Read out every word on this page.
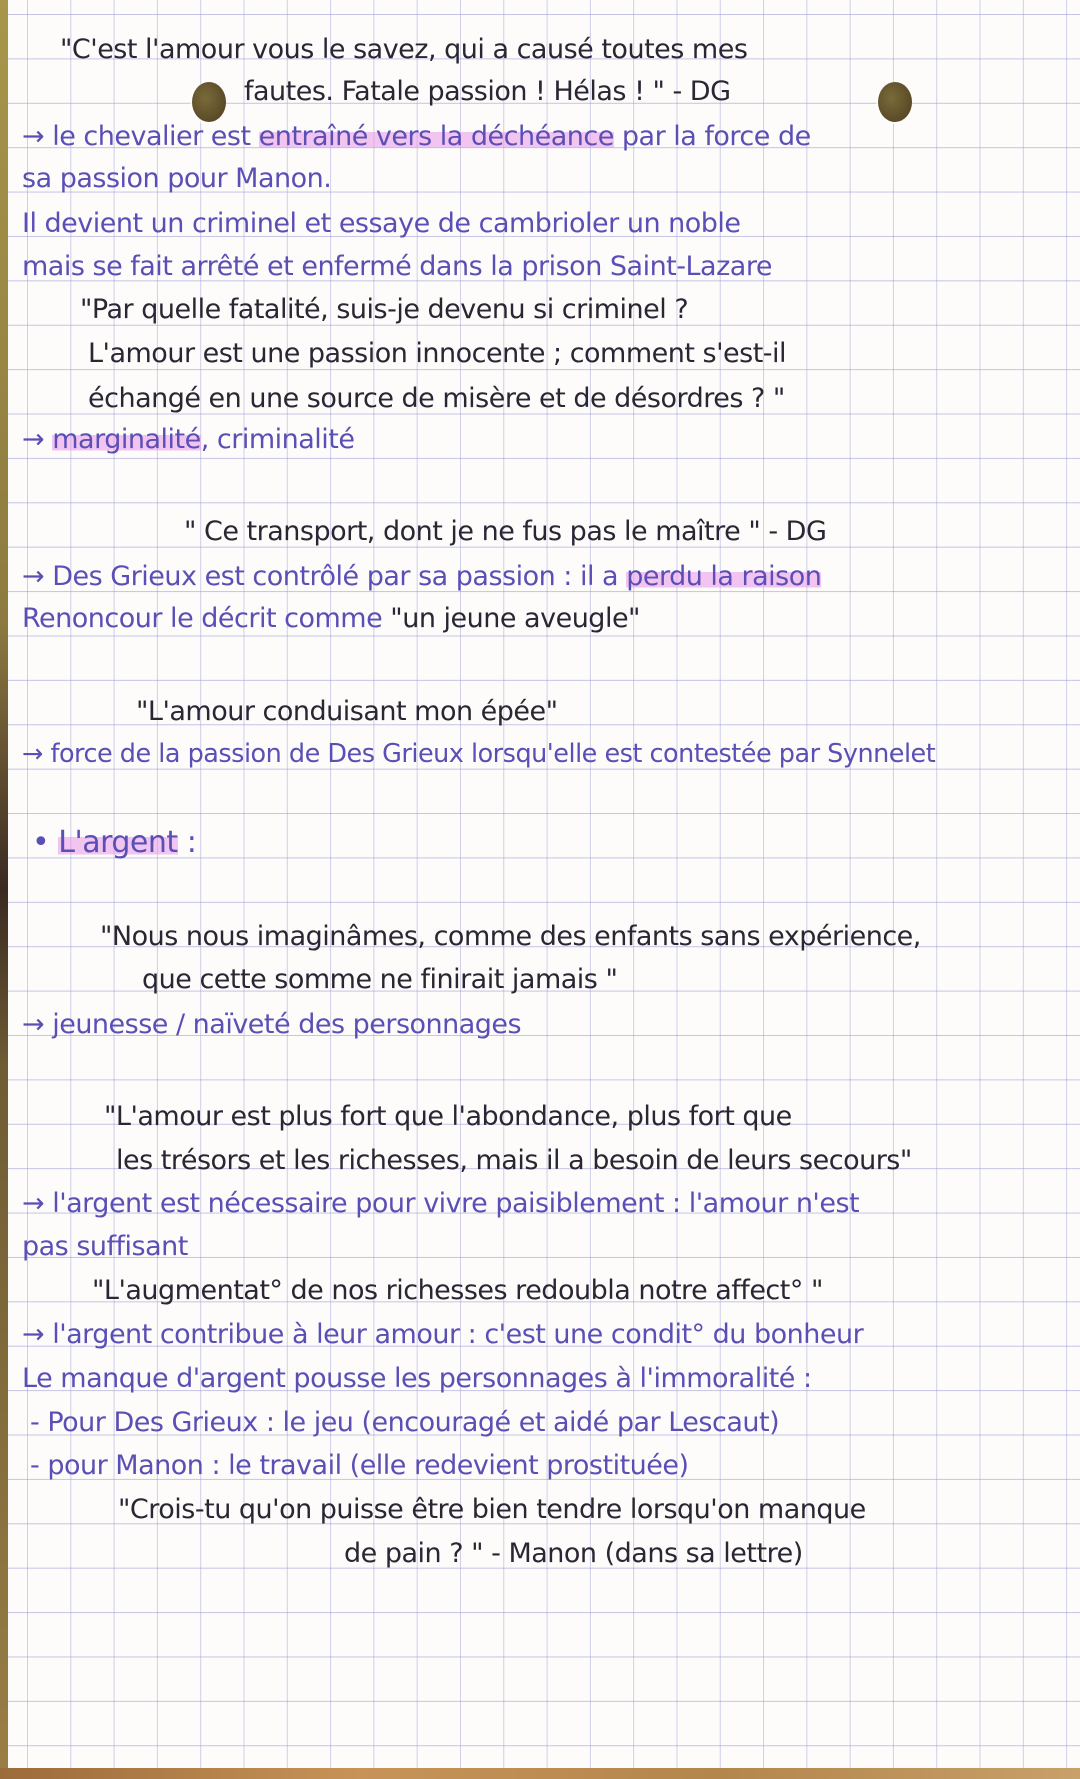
"C'est l'amour vous le savez, qui a causé toutes mes
fautes. Fatale passion ! Hélas ! " - DG
→ le chevalier est entraîné vers la déchéance par la force de
sa passion pour Manon.
Il devient un criminel et essaye de cambrioler un noble
mais se fait arrêté et enfermé dans la prison Saint-Lazare
"Par quelle fatalité, suis-je devenu si criminel ?
L'amour est une passion innocente ; comment s'est-il
échangé en une source de misère et de désordres ? "
→ marginalité, criminalité
" Ce transport, dont je ne fus pas le maître " - DG
→ Des Grieux est contrôlé par sa passion : il a perdu la raison
Renoncour le décrit comme "un jeune aveugle"
"L'amour conduisant mon épée"
→ force de la passion de Des Grieux lorsqu'elle est contestée par Synnelet
• L'argent :
"Nous nous imaginâmes, comme des enfants sans expérience,
que cette somme ne finirait jamais "
→ jeunesse / naïveté des personnages
"L'amour est plus fort que l'abondance, plus fort que
les trésors et les richesses, mais il a besoin de leurs secours"
→ l'argent est nécessaire pour vivre paisiblement : l'amour n'est
pas suffisant
"L'augmentat° de nos richesses redoubla notre affect° "
→ l'argent contribue à leur amour : c'est une condit° du bonheur
Le manque d'argent pousse les personnages à l'immoralité :
- Pour Des Grieux : le jeu (encouragé et aidé par Lescaut)
- pour Manon : le travail (elle redevient prostituée)
"Crois-tu qu'on puisse être bien tendre lorsqu'on manque
de pain ? " - Manon (dans sa lettre)
